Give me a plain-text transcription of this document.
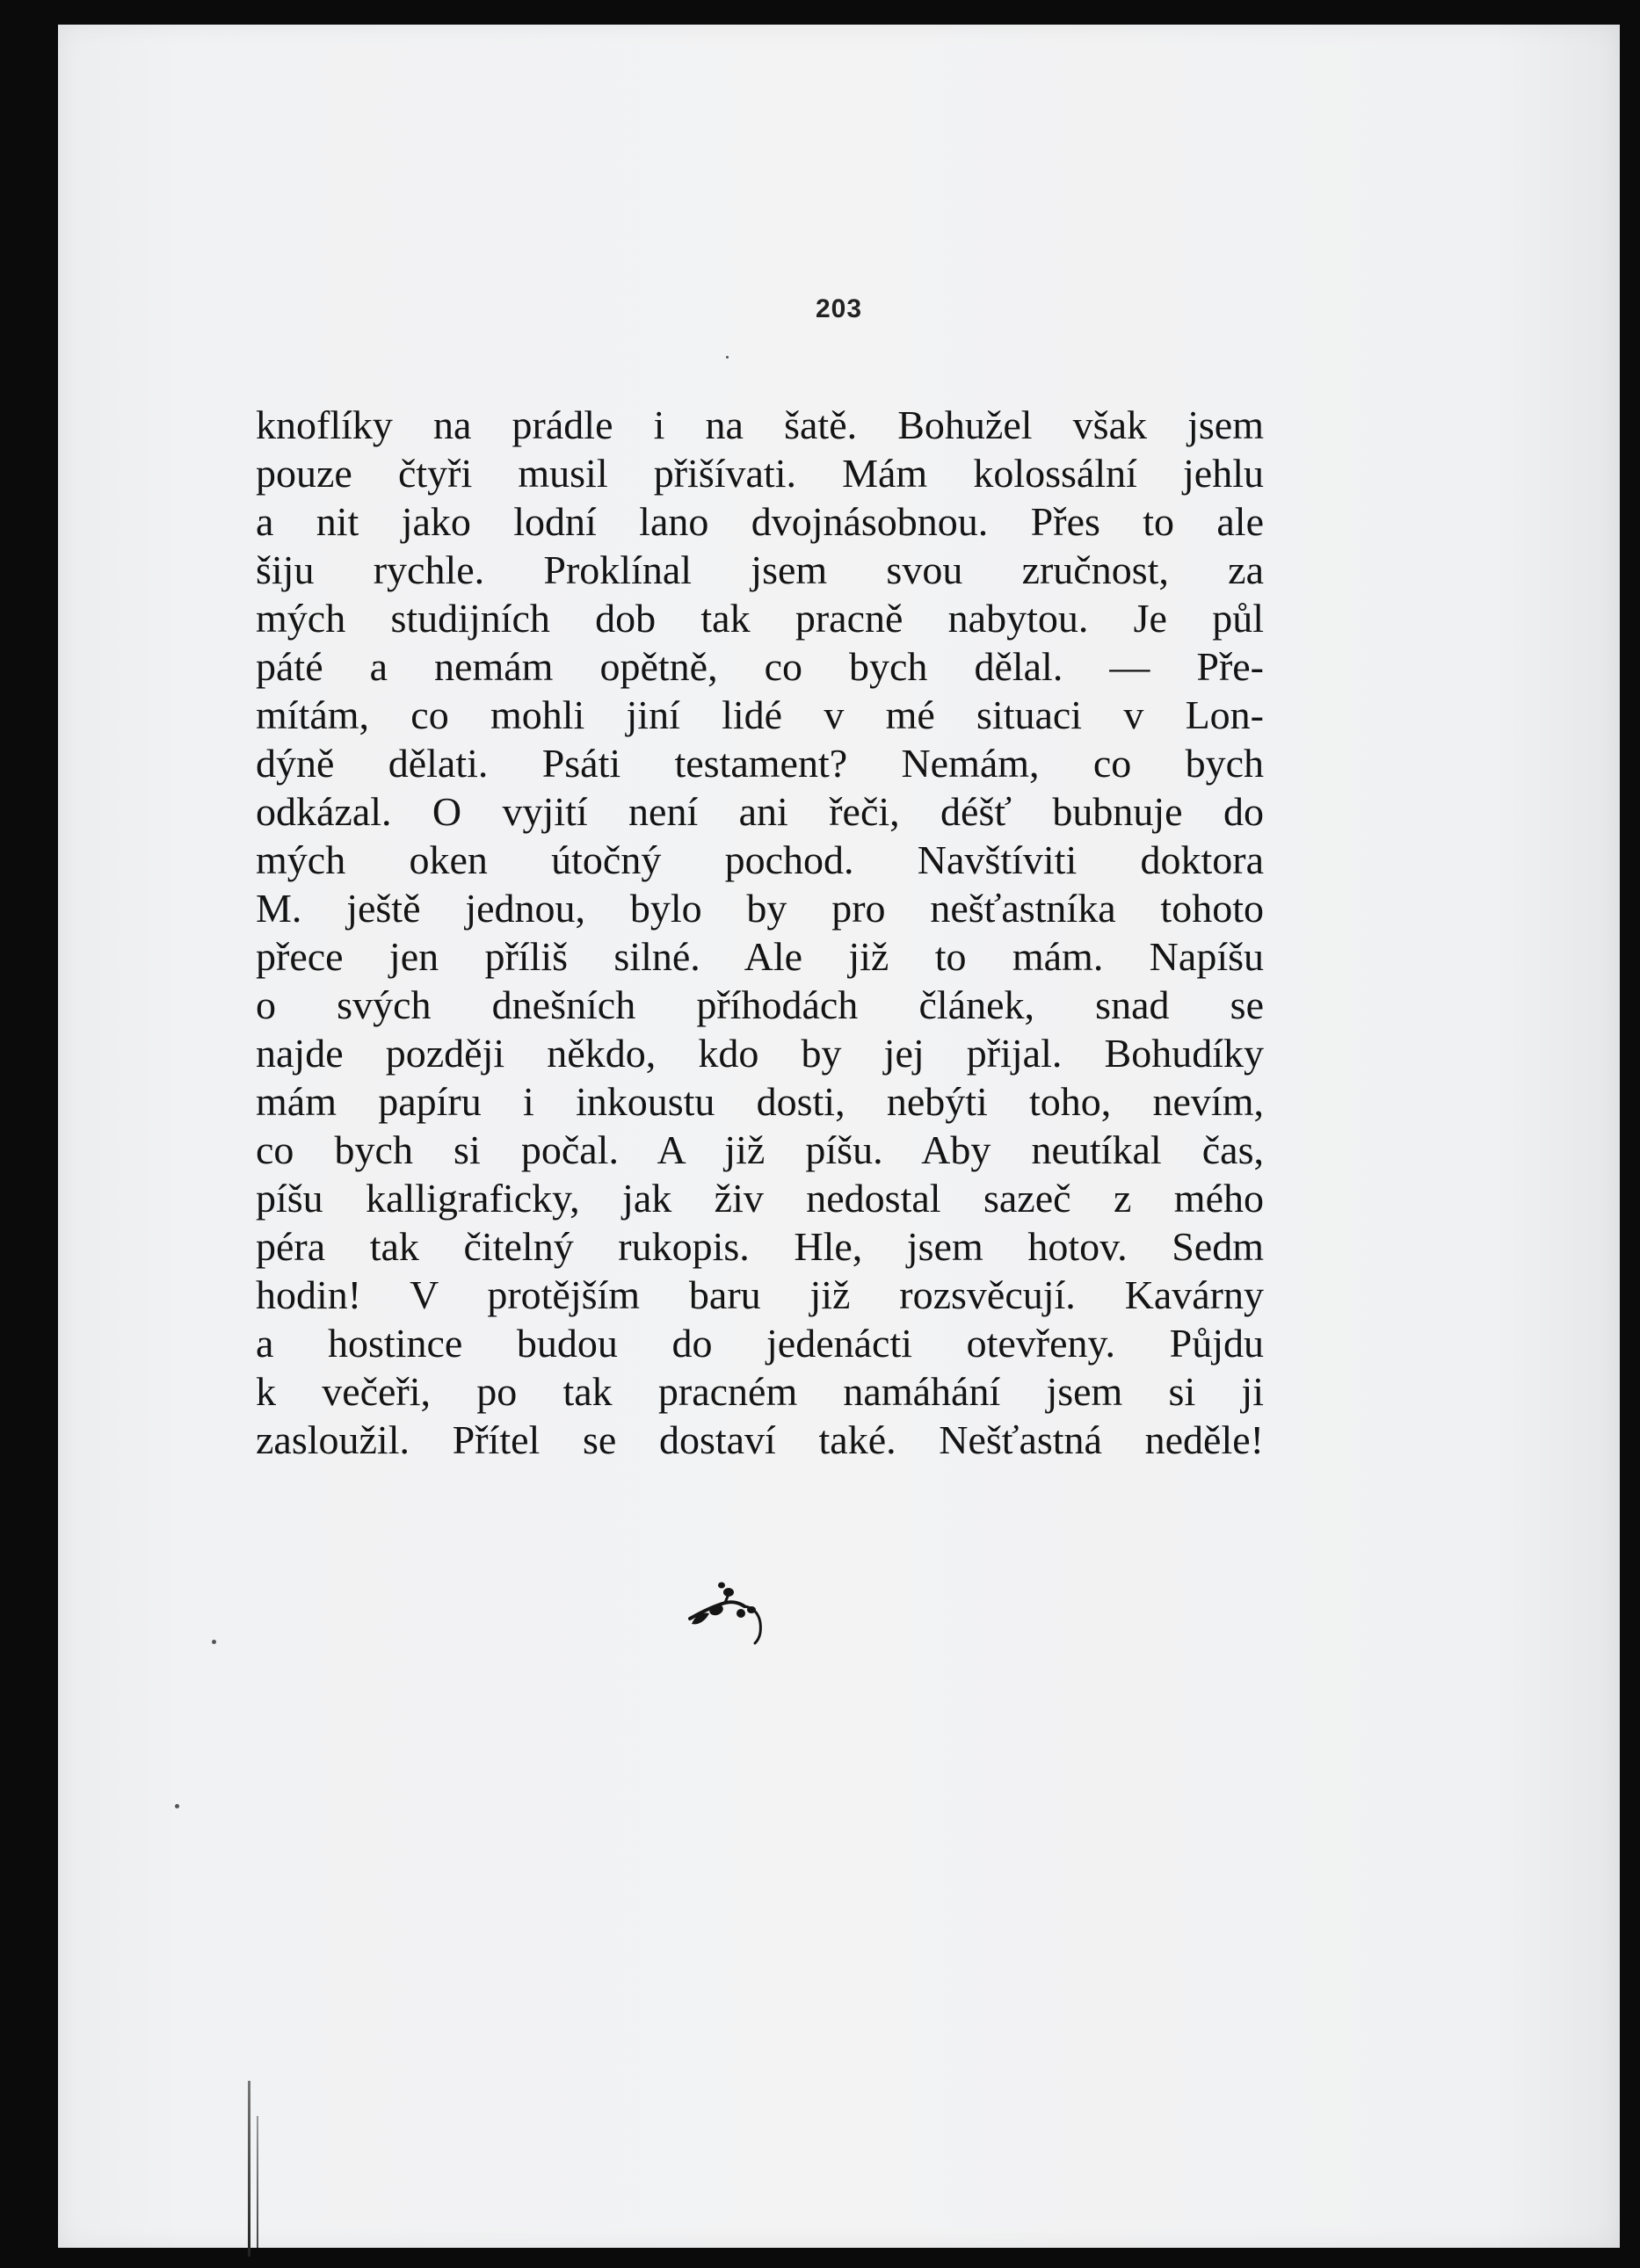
203
knoflíky na prádle i na šatě. Bohužel však jsem
pouze čtyři musil přišívati. Mám kolossální jehlu
a nit jako lodní lano dvojnásobnou. Přes to ale
šiju rychle. Proklínal jsem svou zručnost, za
mých studijních dob tak pracně nabytou. Je půl
páté a nemám opětně, co bych dělal. — Pře-
mítám, co mohli jiní lidé v mé situaci v Lon-
dýně dělati. Psáti testament? Nemám, co bych
odkázal. O vyjití není ani řeči, déšť bubnuje do
mých oken útočný pochod. Navštíviti doktora
M. ještě jednou, bylo by pro nešťastníka tohoto
přece jen příliš silné. Ale již to mám. Napíšu
o svých dnešních příhodách článek, snad se
najde později někdo, kdo by jej přijal. Bohudíky
mám papíru i inkoustu dosti, nebýti toho, nevím,
co bych si počal. A již píšu. Aby neutíkal čas,
píšu kalligraficky, jak živ nedostal sazeč z mého
péra tak čitelný rukopis. Hle, jsem hotov. Sedm
hodin! V protějším baru již rozsvěcují. Kavárny
a hostince budou do jedenácti otevřeny. Půjdu
k večeři, po tak pracném namáhání jsem si ji
zasloužil. Přítel se dostaví také. Nešťastná neděle!
